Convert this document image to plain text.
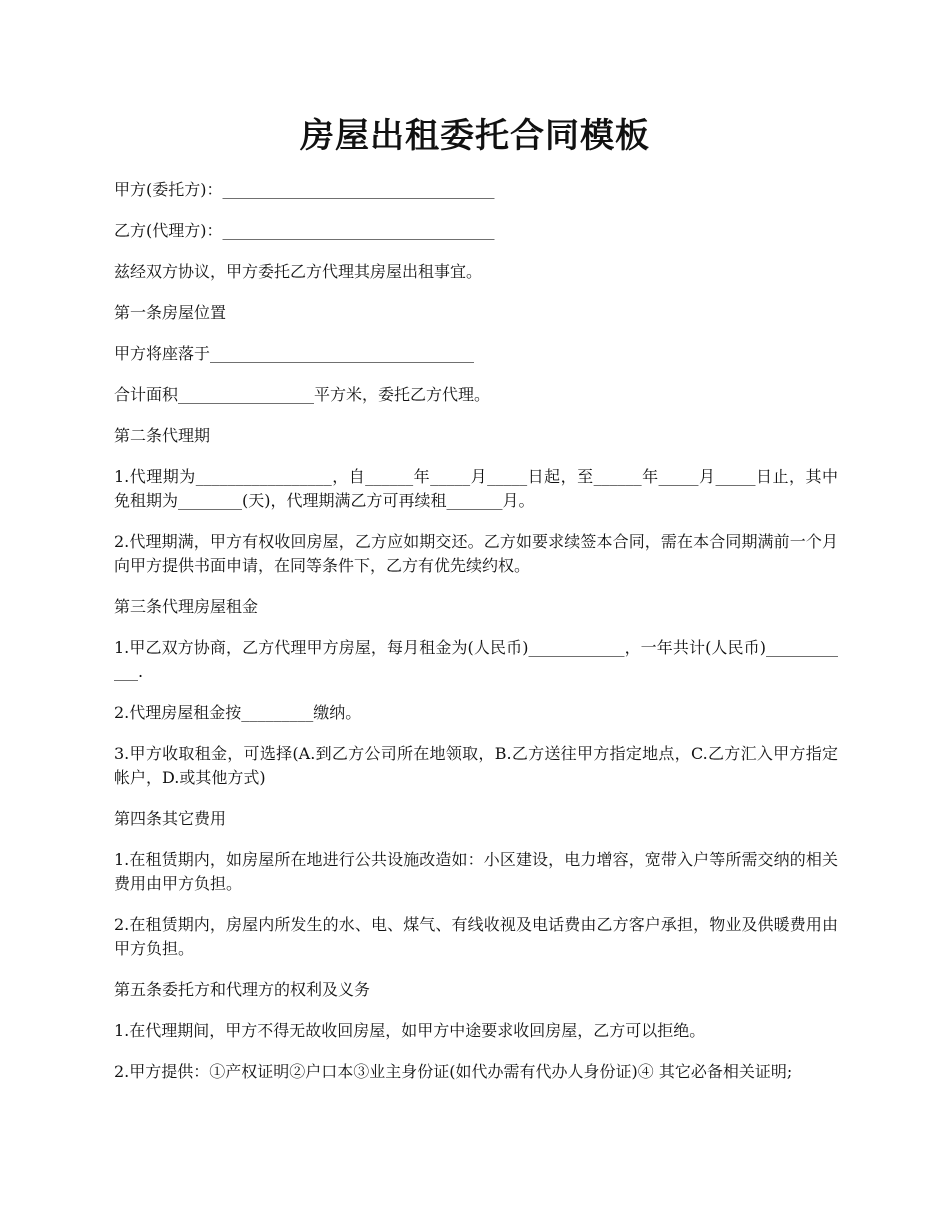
房屋出租委托合同模板

甲方(委托方)：__________________________________

乙方(代理方)：__________________________________

兹经双方协议，甲方委托乙方代理其房屋出租事宜。

第一条房屋位置

甲方将座落于_________________________________

合计面积_________________平方米，委托乙方代理。

第二条代理期

1.代理期为_________________，自______年_____月_____日起，至______年_____月_____日止，其中免租期为________(天)，代理期满乙方可再续租_______月。

2.代理期满，甲方有权收回房屋，乙方应如期交还。乙方如要求续签本合同，需在本合同期满前一个月向甲方提供书面申请，在同等条件下，乙方有优先续约权。

第三条代理房屋租金

1.甲乙双方协商，乙方代理甲方房屋，每月租金为(人民币)____________，一年共计(人民币)____________.

2.代理房屋租金按_________缴纳。

3.甲方收取租金，可选择(A.到乙方公司所在地领取，B.乙方送往甲方指定地点，C.乙方汇入甲方指定帐户，D.或其他方式)

第四条其它费用

1.在租赁期内，如房屋所在地进行公共设施改造如：小区建设，电力增容，宽带入户等所需交纳的相关费用由甲方负担。

2.在租赁期内，房屋内所发生的水、电、煤气、有线收视及电话费由乙方客户承担，物业及供暖费用由甲方负担。

第五条委托方和代理方的权利及义务

1.在代理期间，甲方不得无故收回房屋，如甲方中途要求收回房屋，乙方可以拒绝。

2.甲方提供：①产权证明②户口本③业主身份证(如代办需有代办人身份证)④ 其它必备相关证明;
